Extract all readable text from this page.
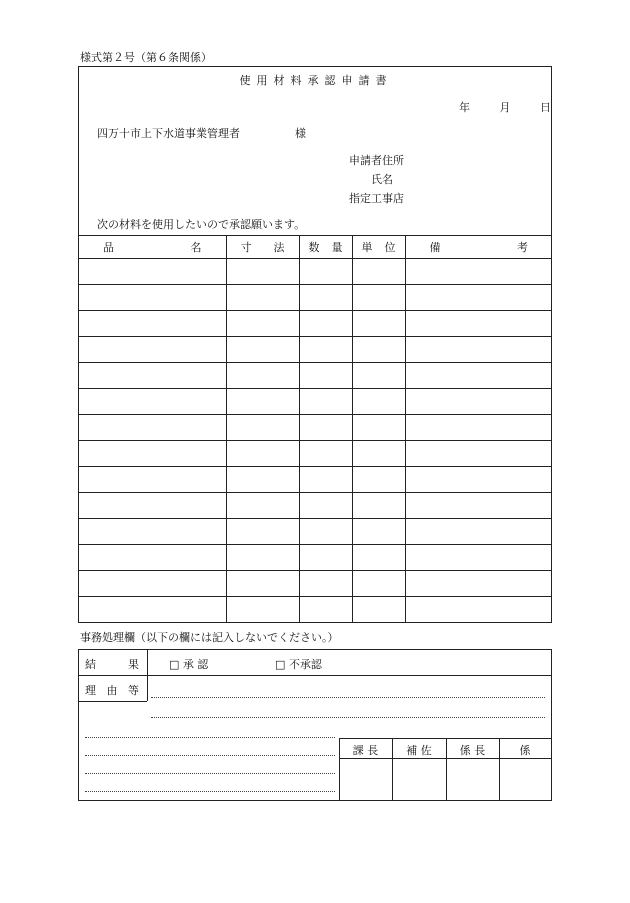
様式第２号（第６条関係）
使用材料承認申請書
年	月	日
四万十市上下水道事業管理者	様
申請者住所
氏名
指定工事店
次の材料を使用したいので承認願います。
品 名	寸 法	数 量	単 位	備 考

事務処理欄（以下の欄には記入しないでください。）
結	果	□ 承 認	□ 不承認
理 由 等
課 長	補 佐	係 長	係
